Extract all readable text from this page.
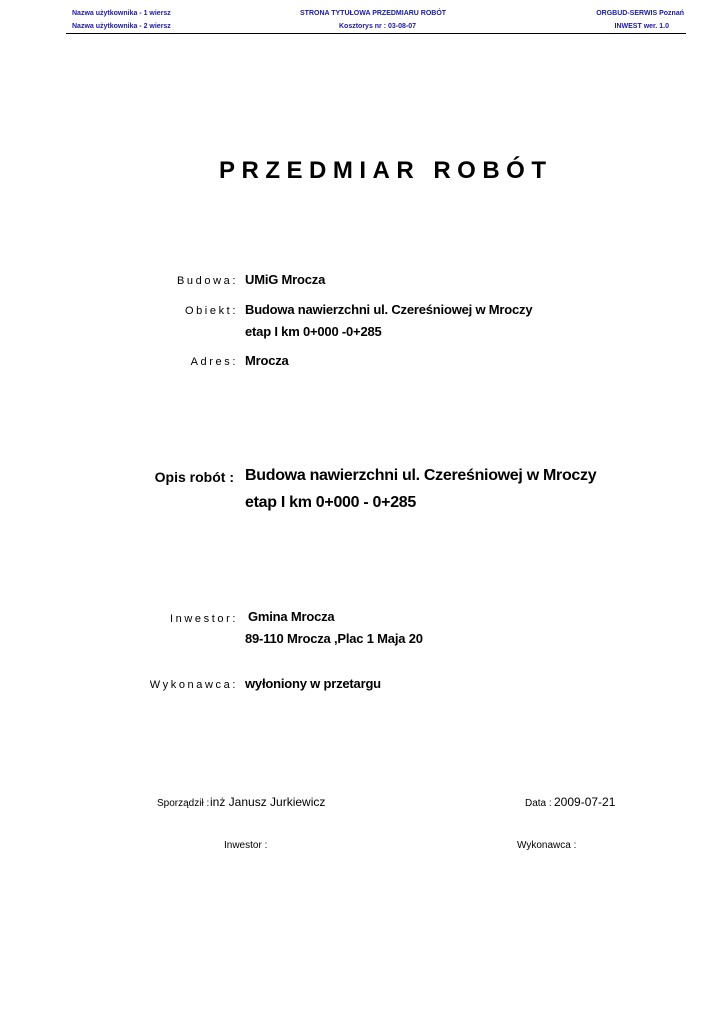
Nazwa użytkownika - 1 wiersz
Nazwa użytkownika - 2 wiersz
STRONA TYTUŁOWA PRZEDMIARU ROBÓT
Kosztorys nr : 03-08-07
ORGBUD-SERWIS Poznań
INWEST wer. 1.0
PRZEDMIAR ROBÓT
Budowa: UMiG Mrocza
Obiekt: Budowa nawierzchni ul. Czereśniowej w Mroczy
etap I km 0+000 -0+285
Adres: Mrocza
Opis robót : Budowa nawierzchni ul. Czereśniowej w Mroczy
etap I km 0+000 - 0+285
Inwestor: Gmina Mrocza
89-110 Mrocza ,Plac 1 Maja 20
Wykonawca: wyłoniony w przetargu
Sporządził : inż Janusz Jurkiewicz	Data : 2009-07-21
Inwestor :	Wykonawca :
